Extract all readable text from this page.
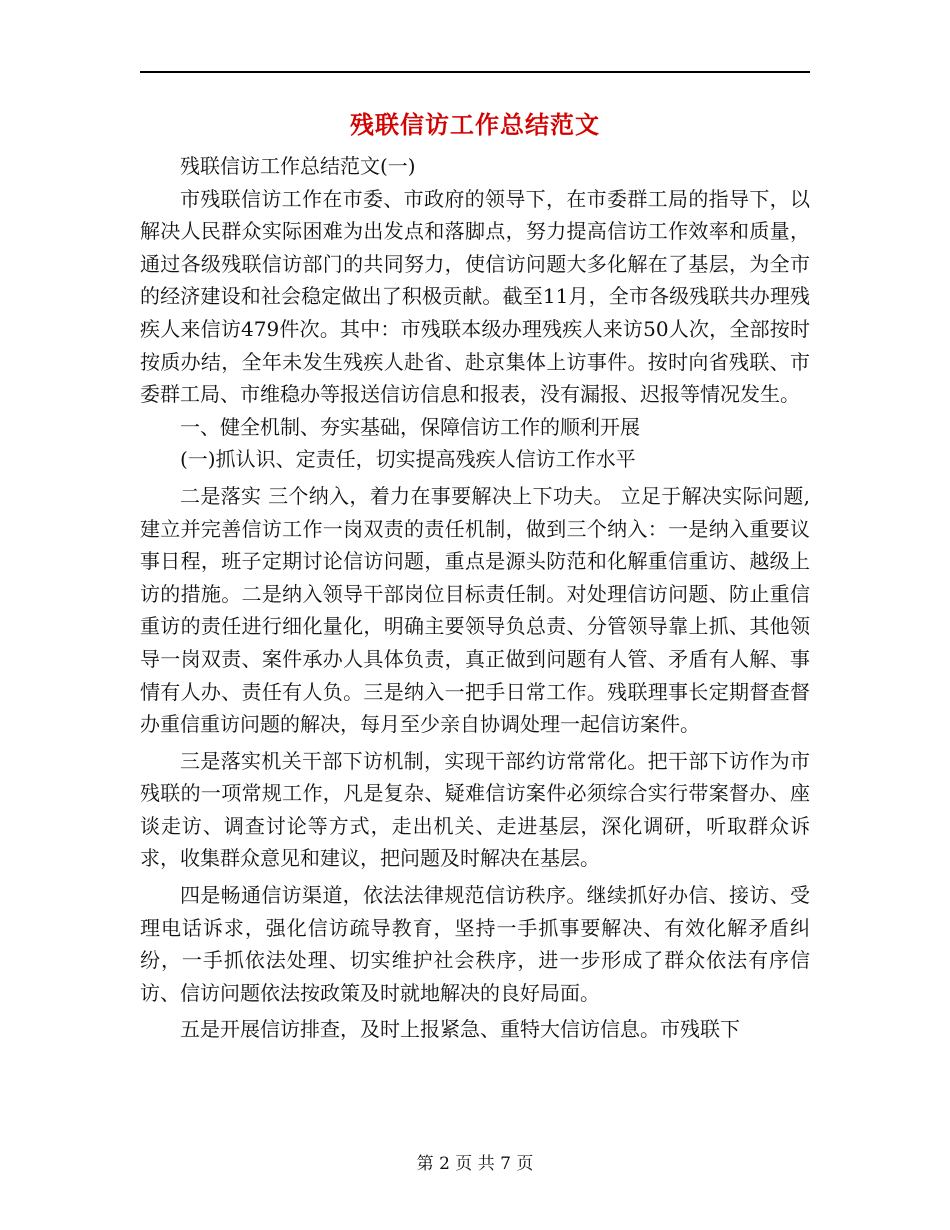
残联信访工作总结范文

残联信访工作总结范文(一)

市残联信访工作在市委、市政府的领导下，在市委群工局的指导下，以解决人民群众实际困难为出发点和落脚点，努力提高信访工作效率和质量，通过各级残联信访部门的共同努力，使信访问题大多化解在了基层，为全市的经济建设和社会稳定做出了积极贡献。截至11月，全市各级残联共办理残疾人来信访479件次。其中：市残联本级办理残疾人来访50人次，全部按时按质办结，全年未发生残疾人赴省、赴京集体上访事件。按时向省残联、市委群工局、市维稳办等报送信访信息和报表，没有漏报、迟报等情况发生。

一、健全机制、夯实基础，保障信访工作的顺利开展

(一)抓认识、定责任，切实提高残疾人信访工作水平

二是落实 三个纳入，着力在事要解决上下功夫。 立足于解决实际问题,建立并完善信访工作一岗双责的责任机制，做到三个纳入：一是纳入重要议事日程，班子定期讨论信访问题，重点是源头防范和化解重信重访、越级上访的措施。二是纳入领导干部岗位目标责任制。对处理信访问题、防止重信重访的责任进行细化量化，明确主要领导负总责、分管领导靠上抓、其他领导一岗双责、案件承办人具体负责，真正做到问题有人管、矛盾有人解、事情有人办、责任有人负。三是纳入一把手日常工作。残联理事长定期督查督办重信重访问题的解决，每月至少亲自协调处理一起信访案件。

三是落实机关干部下访机制，实现干部约访常常化。把干部下访作为市残联的一项常规工作，凡是复杂、疑难信访案件必须综合实行带案督办、座谈走访、调查讨论等方式，走出机关、走进基层，深化调研，听取群众诉求，收集群众意见和建议，把问题及时解决在基层。

四是畅通信访渠道，依法法律规范信访秩序。继续抓好办信、接访、受理电话诉求，强化信访疏导教育，坚持一手抓事要解决、有效化解矛盾纠纷，一手抓依法处理、切实维护社会秩序，进一步形成了群众依法有序信访、信访问题依法按政策及时就地解决的良好局面。

五是开展信访排查，及时上报紧急、重特大信访信息。市残联下

第 2 页 共 7 页
